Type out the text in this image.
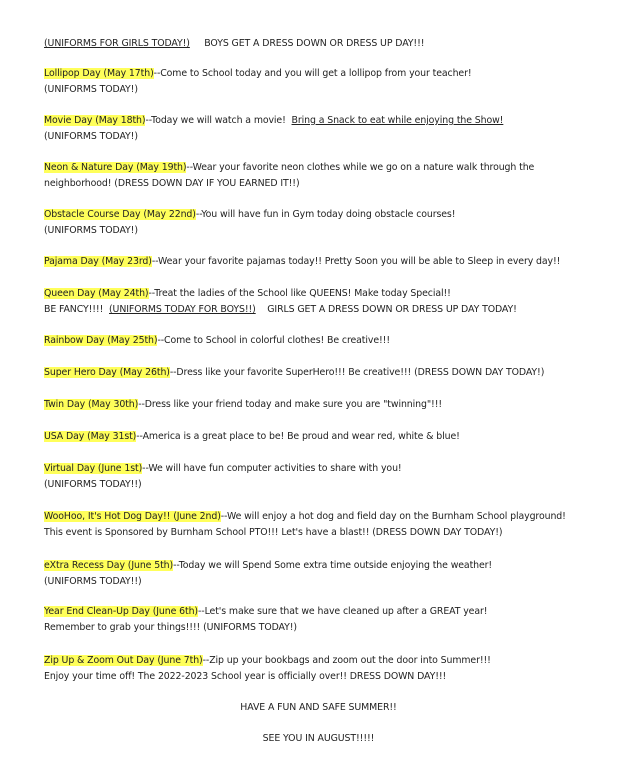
(UNIFORMS FOR GIRLS TODAY!) BOYS GET A DRESS DOWN OR DRESS UP DAY!!!
Lollipop Day (May 17th)--Come to School today and you will get a lollipop from your teacher!
(UNIFORMS TODAY!)
Movie Day (May 18th)--Today we will watch a movie! Bring a Snack to eat while enjoying the Show!
(UNIFORMS TODAY!)
Neon & Nature Day (May 19th)--Wear your favorite neon clothes while we go on a nature walk through the
neighborhood! (DRESS DOWN DAY IF YOU EARNED IT!!)
Obstacle Course Day (May 22nd)--You will have fun in Gym today doing obstacle courses!
(UNIFORMS TODAY!)
Pajama Day (May 23rd)--Wear your favorite pajamas today!! Pretty Soon you will be able to Sleep in every day!!
Queen Day (May 24th)--Treat the ladies of the School like QUEENS! Make today Special!!
BE FANCY!!!! (UNIFORMS TODAY FOR BOYS!!) GIRLS GET A DRESS DOWN OR DRESS UP DAY TODAY!
Rainbow Day (May 25th)--Come to School in colorful clothes! Be creative!!!
Super Hero Day (May 26th)--Dress like your favorite SuperHero!!! Be creative!!! (DRESS DOWN DAY TODAY!)
Twin Day (May 30th)--Dress like your friend today and make sure you are "twinning"!!!
USA Day (May 31st)--America is a great place to be! Be proud and wear red, white & blue!
Virtual Day (June 1st)--We will have fun computer activities to share with you!
(UNIFORMS TODAY!!)
WooHoo, It's Hot Dog Day!! (June 2nd)--We will enjoy a hot dog and field day on the Burnham School playground!
This event is Sponsored by Burnham School PTO!!! Let's have a blast!! (DRESS DOWN DAY TODAY!)
eXtra Recess Day (June 5th)--Today we will Spend Some extra time outside enjoying the weather!
(UNIFORMS TODAY!!)
Year End Clean-Up Day (June 6th)--Let's make sure that we have cleaned up after a GREAT year!
Remember to grab your things!!!! (UNIFORMS TODAY!)
Zip Up & Zoom Out Day (June 7th)--Zip up your bookbags and zoom out the door into Summer!!!
Enjoy your time off! The 2022-2023 School year is officially over!! DRESS DOWN DAY!!!
HAVE A FUN AND SAFE SUMMER!!
SEE YOU IN AUGUST!!!!!
